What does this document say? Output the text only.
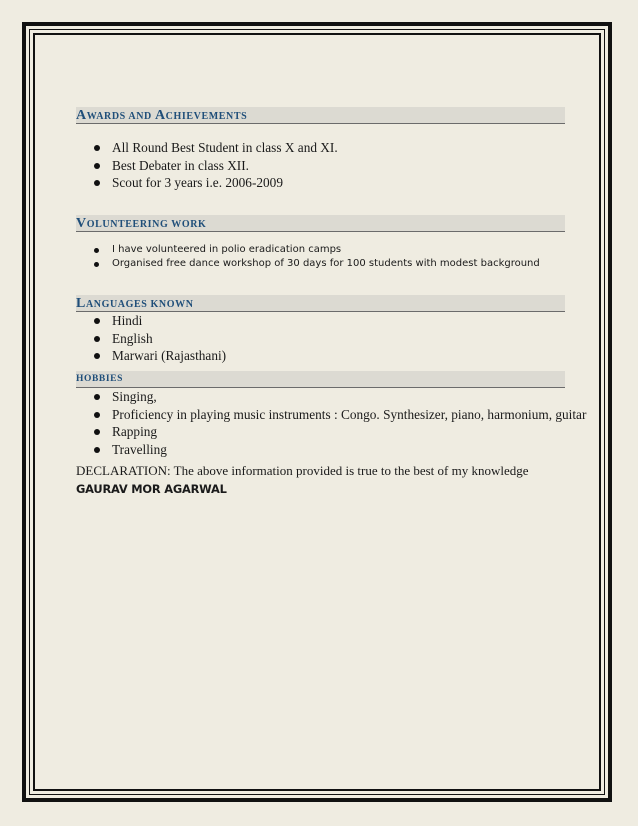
AWARDS AND ACHIEVEMENTS
All Round Best Student in class X and XI.
Best Debater in class XII.
Scout for 3 years i.e. 2006-2009
VOLUNTEERING WORK
I have volunteered in polio eradication camps
Organised free dance workshop of 30 days for 100 students with modest background
LANGUAGES KNOWN
Hindi
English
Marwari (Rajasthani)
HOBBIES
Singing,
Proficiency in playing music instruments : Congo. Synthesizer, piano, harmonium, guitar
Rapping
Travelling
DECLARATION: The above information provided is true to the best of my knowledge
GAURAV MOR AGARWAL
